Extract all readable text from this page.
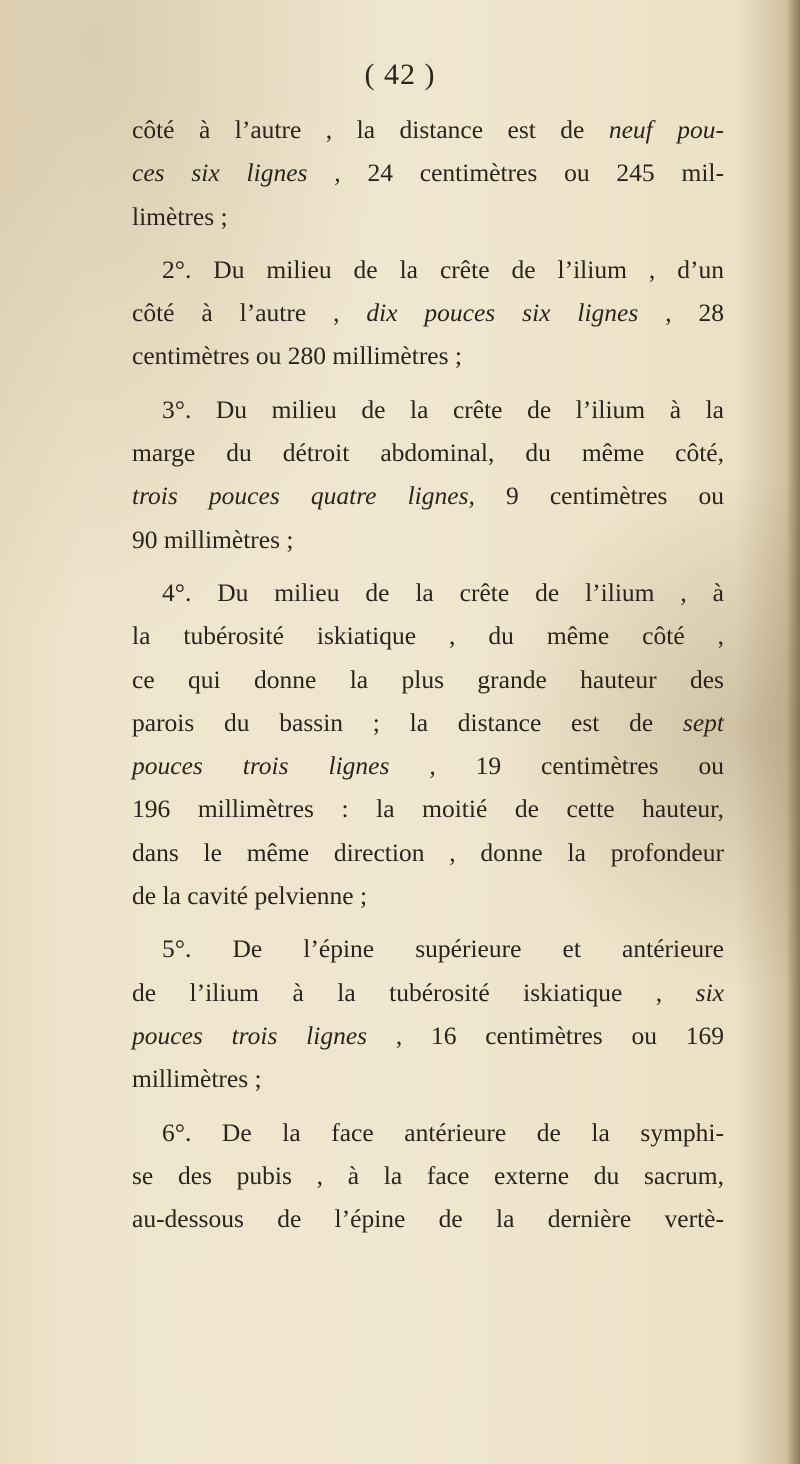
( 42 )
côté à l’autre , la distance est de neuf pou-
ces six lignes , 24 centimètres ou 245 mil-
limètres ;
2°. Du milieu de la crête de l’ilium , d’un
côté à l’autre , dix pouces six lignes , 28
centimètres ou 280 millimètres ;
3°. Du milieu de la crête de l’ilium à la
marge du détroit abdominal, du même côté,
trois pouces quatre lignes, 9 centimètres ou
90 millimètres ;
4°. Du milieu de la crête de l’ilium , à
la tubérosité iskiatique , du même côté ,
ce qui donne la plus grande hauteur des
parois du bassin ; la distance est de sept
pouces trois lignes , 19 centimètres ou
196 millimètres : la moitié de cette hauteur,
dans le même direction , donne la profondeur
de la cavité pelvienne ;
5°. De l’épine supérieure et antérieure
de l’ilium à la tubérosité iskiatique , six
pouces trois lignes , 16 centimètres ou 169
millimètres ;
6°. De la face antérieure de la symphi-
se des pubis , à la face externe du sacrum,
au-dessous de l’épine de la dernière vertè-
